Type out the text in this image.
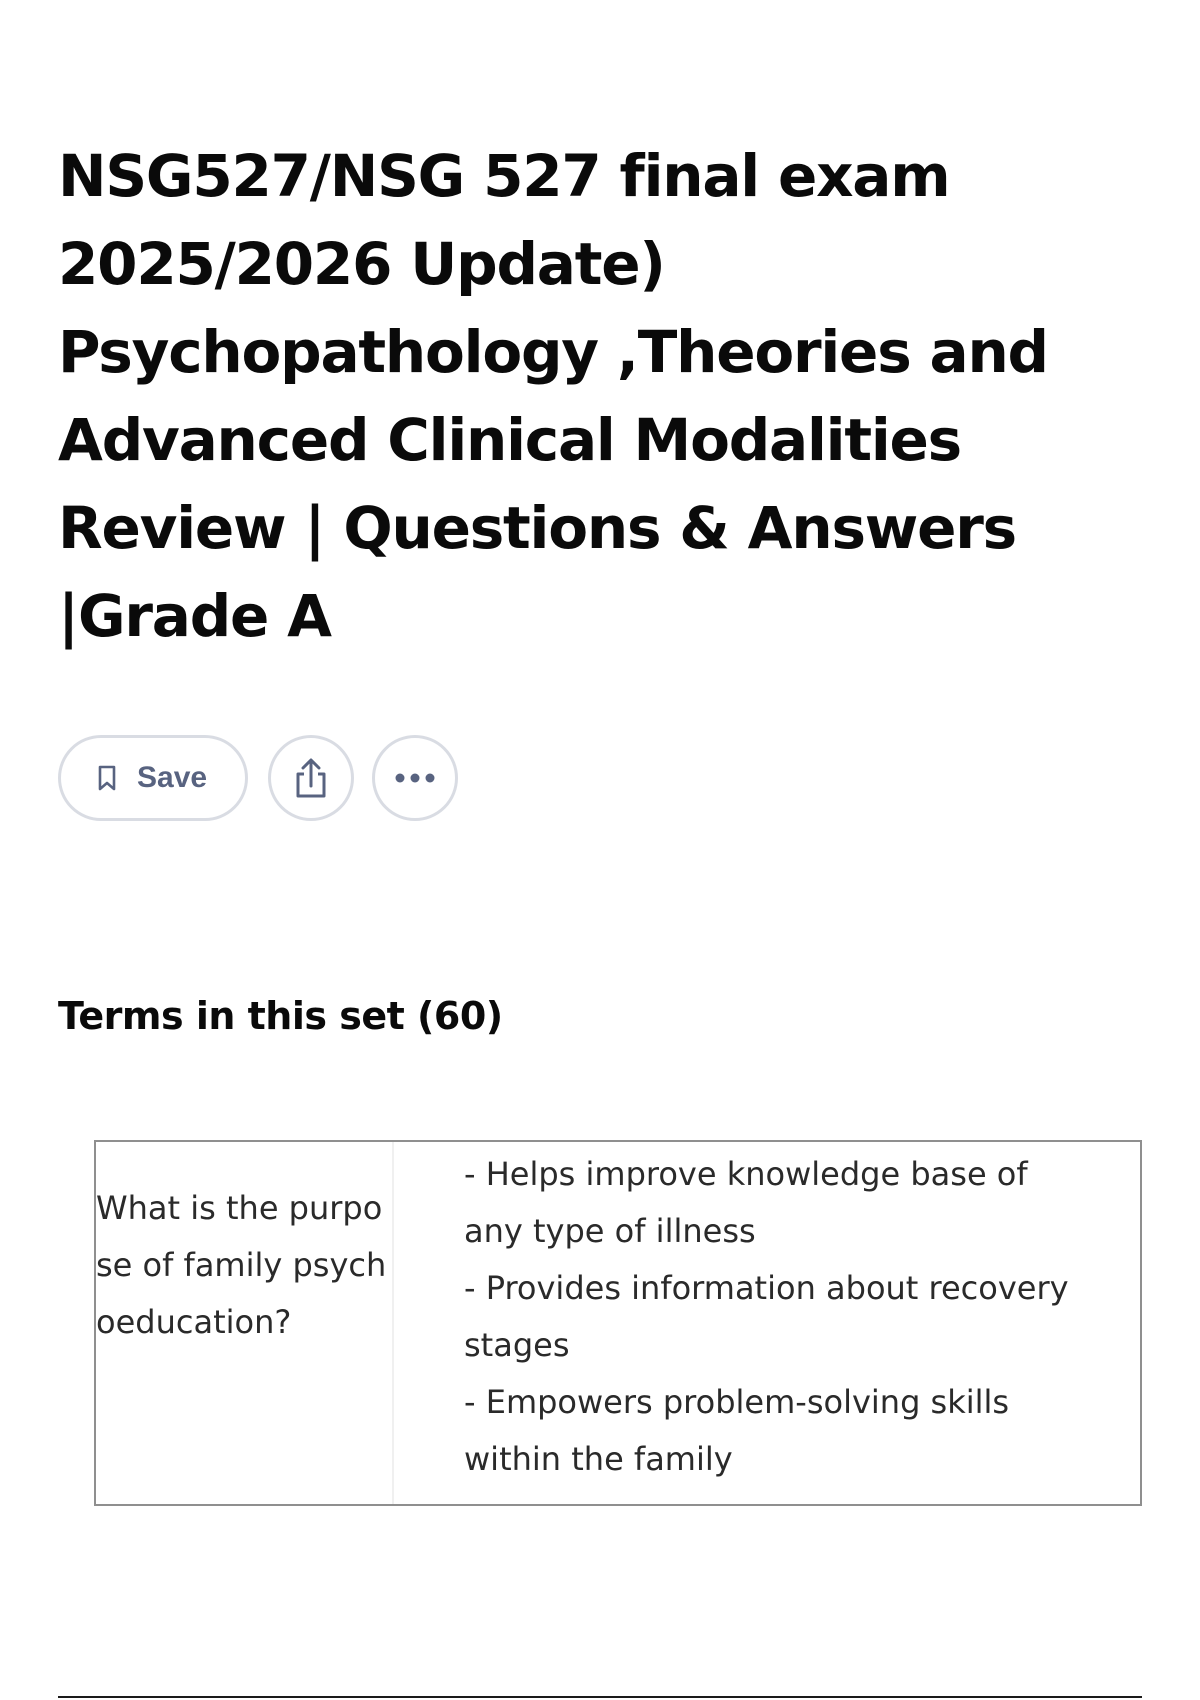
NSG527/NSG 527 final exam 2025/2026 Update) Psychopathology ,Theories and Advanced Clinical Modalities Review | Questions & Answers |Grade A
Save
Terms in this set (60)
What is the purpose of family psychoeducation?
- Helps improve knowledge base of any type of illness
- Provides information about recovery stages
- Empowers problem-solving skills within the family
